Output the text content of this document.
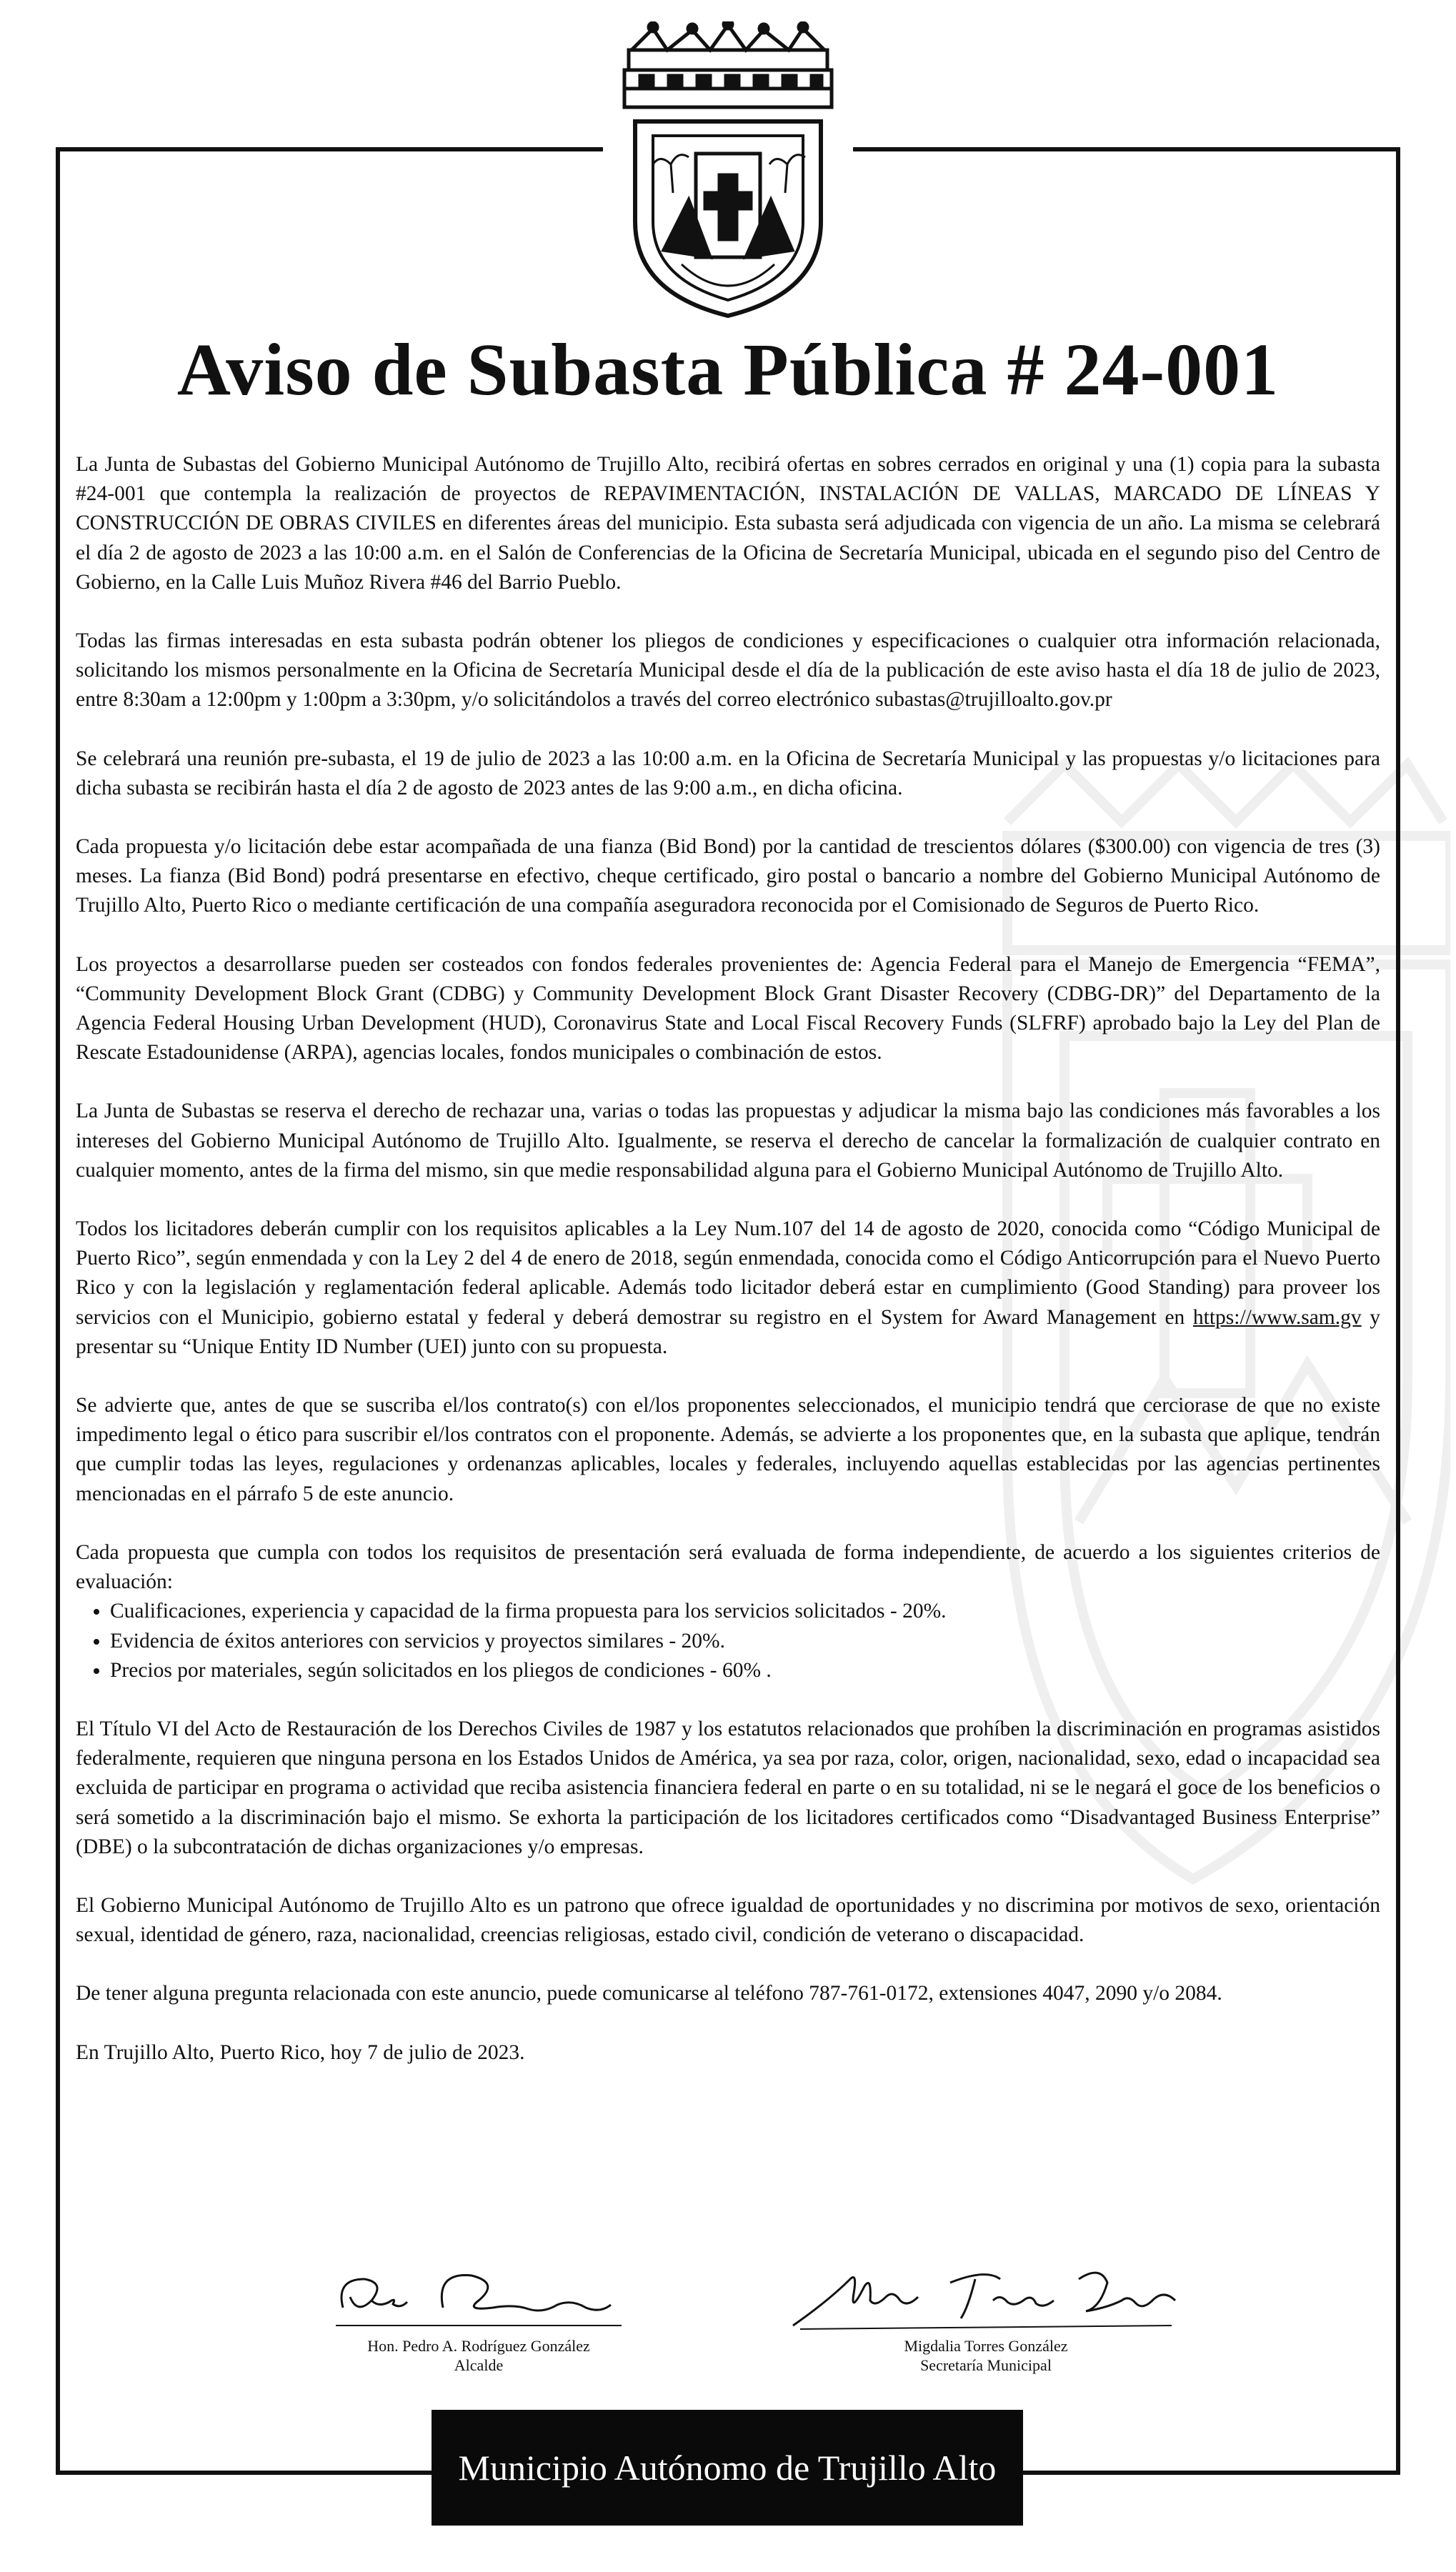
Aviso de Subasta Pública # 24-001

La Junta de Subastas del Gobierno Municipal Autónomo de Trujillo Alto, recibirá ofertas en sobres cerrados en original y una (1) copia para la subasta #24-001 que contempla la realización de proyectos de REPAVIMENTACIÓN, INSTALACIÓN DE VALLAS, MARCADO DE LÍNEAS Y CONSTRUCCIÓN DE OBRAS CIVILES en diferentes áreas del municipio. Esta subasta será adjudicada con vigencia de un año. La misma se celebrará el día 2 de agosto de 2023 a las 10:00 a.m. en el Salón de Conferencias de la Oficina de Secretaría Municipal, ubicada en el segundo piso del Centro de Gobierno, en la Calle Luis Muñoz Rivera #46 del Barrio Pueblo.

Todas las firmas interesadas en esta subasta podrán obtener los pliegos de condiciones y especificaciones o cualquier otra información relacionada, solicitando los mismos personalmente en la Oficina de Secretaría Municipal desde el día de la publicación de este aviso hasta el día 18 de julio de 2023, entre 8:30am a 12:00pm y 1:00pm a 3:30pm, y/o solicitándolos a través del correo electrónico subastas@trujilloalto.gov.pr

Se celebrará una reunión pre-subasta, el 19 de julio de 2023 a las 10:00 a.m. en la Oficina de Secretaría Municipal y las propuestas y/o licitaciones para dicha subasta se recibirán hasta el día 2 de agosto de 2023 antes de las 9:00 a.m., en dicha oficina.

Cada propuesta y/o licitación debe estar acompañada de una fianza (Bid Bond) por la cantidad de trescientos dólares ($300.00) con vigencia de tres (3) meses. La fianza (Bid Bond) podrá presentarse en efectivo, cheque certificado, giro postal o bancario a nombre del Gobierno Municipal Autónomo de Trujillo Alto, Puerto Rico o mediante certificación de una compañía aseguradora reconocida por el Comisionado de Seguros de Puerto Rico.

Los proyectos a desarrollarse pueden ser costeados con fondos federales provenientes de: Agencia Federal para el Manejo de Emergencia “FEMA”, “Community Development Block Grant (CDBG) y Community Development Block Grant Disaster Recovery (CDBG-DR)” del Departamento de la Agencia Federal Housing Urban Development (HUD), Coronavirus State and Local Fiscal Recovery Funds (SLFRF) aprobado bajo la Ley del Plan de Rescate Estadounidense (ARPA), agencias locales, fondos municipales o combinación de estos.

La Junta de Subastas se reserva el derecho de rechazar una, varias o todas las propuestas y adjudicar la misma bajo las condiciones más favorables a los intereses del Gobierno Municipal Autónomo de Trujillo Alto. Igualmente, se reserva el derecho de cancelar la formalización de cualquier contrato en cualquier momento, antes de la firma del mismo, sin que medie responsabilidad alguna para el Gobierno Municipal Autónomo de Trujillo Alto.

Todos los licitadores deberán cumplir con los requisitos aplicables a la Ley Num.107 del 14 de agosto de 2020, conocida como “Código Municipal de Puerto Rico”, según enmendada y con la Ley 2 del 4 de enero de 2018, según enmendada, conocida como el Código Anticorrupción para el Nuevo Puerto Rico y con la legislación y reglamentación federal aplicable. Además todo licitador deberá estar en cumplimiento (Good Standing) para proveer los servicios con el Municipio, gobierno estatal y federal y deberá demostrar su registro en el System for Award Management en https://www.sam.gv y presentar su “Unique Entity ID Number (UEI) junto con su propuesta.

Se advierte que, antes de que se suscriba el/los contrato(s) con el/los proponentes seleccionados, el municipio tendrá que cerciorase de que no existe impedimento legal o ético para suscribir el/los contratos con el proponente. Además, se advierte a los proponentes que, en la subasta que aplique, tendrán que cumplir todas las leyes, regulaciones y ordenanzas aplicables, locales y federales, incluyendo aquellas establecidas por las agencias pertinentes mencionadas en el párrafo 5 de este anuncio.

Cada propuesta que cumpla con todos los requisitos de presentación será evaluada de forma independiente, de acuerdo a los siguientes criterios de evaluación:

• Cualificaciones, experiencia y capacidad de la firma propuesta para los servicios solicitados - 20%.
• Evidencia de éxitos anteriores con servicios y proyectos similares - 20%.
• Precios por materiales, según solicitados en los pliegos de condiciones - 60% .

El Título VI del Acto de Restauración de los Derechos Civiles de 1987 y los estatutos relacionados que prohíben la discriminación en programas asistidos federalmente, requieren que ninguna persona en los Estados Unidos de América, ya sea por raza, color, origen, nacionalidad, sexo, edad o incapacidad sea excluida de participar en programa o actividad que reciba asistencia financiera federal en parte o en su totalidad, ni se le negará el goce de los beneficios o será sometido a la discriminación bajo el mismo. Se exhorta la participación de los licitadores certificados como “Disadvantaged Business Enterprise” (DBE) o la subcontratación de dichas organizaciones y/o empresas.

El Gobierno Municipal Autónomo de Trujillo Alto es un patrono que ofrece igualdad de oportunidades y no discrimina por motivos de sexo, orientación sexual, identidad de género, raza, nacionalidad, creencias religiosas, estado civil, condición de veterano o discapacidad.

De tener alguna pregunta relacionada con este anuncio, puede comunicarse al teléfono 787-761-0172, extensiones 4047, 2090 y/o 2084.

En Trujillo Alto, Puerto Rico, hoy 7 de julio de 2023.

Hon. Pedro A. Rodríguez González
Alcalde
Migdalia Torres González
Secretaría Municipal
Municipio Autónomo de Trujillo Alto
